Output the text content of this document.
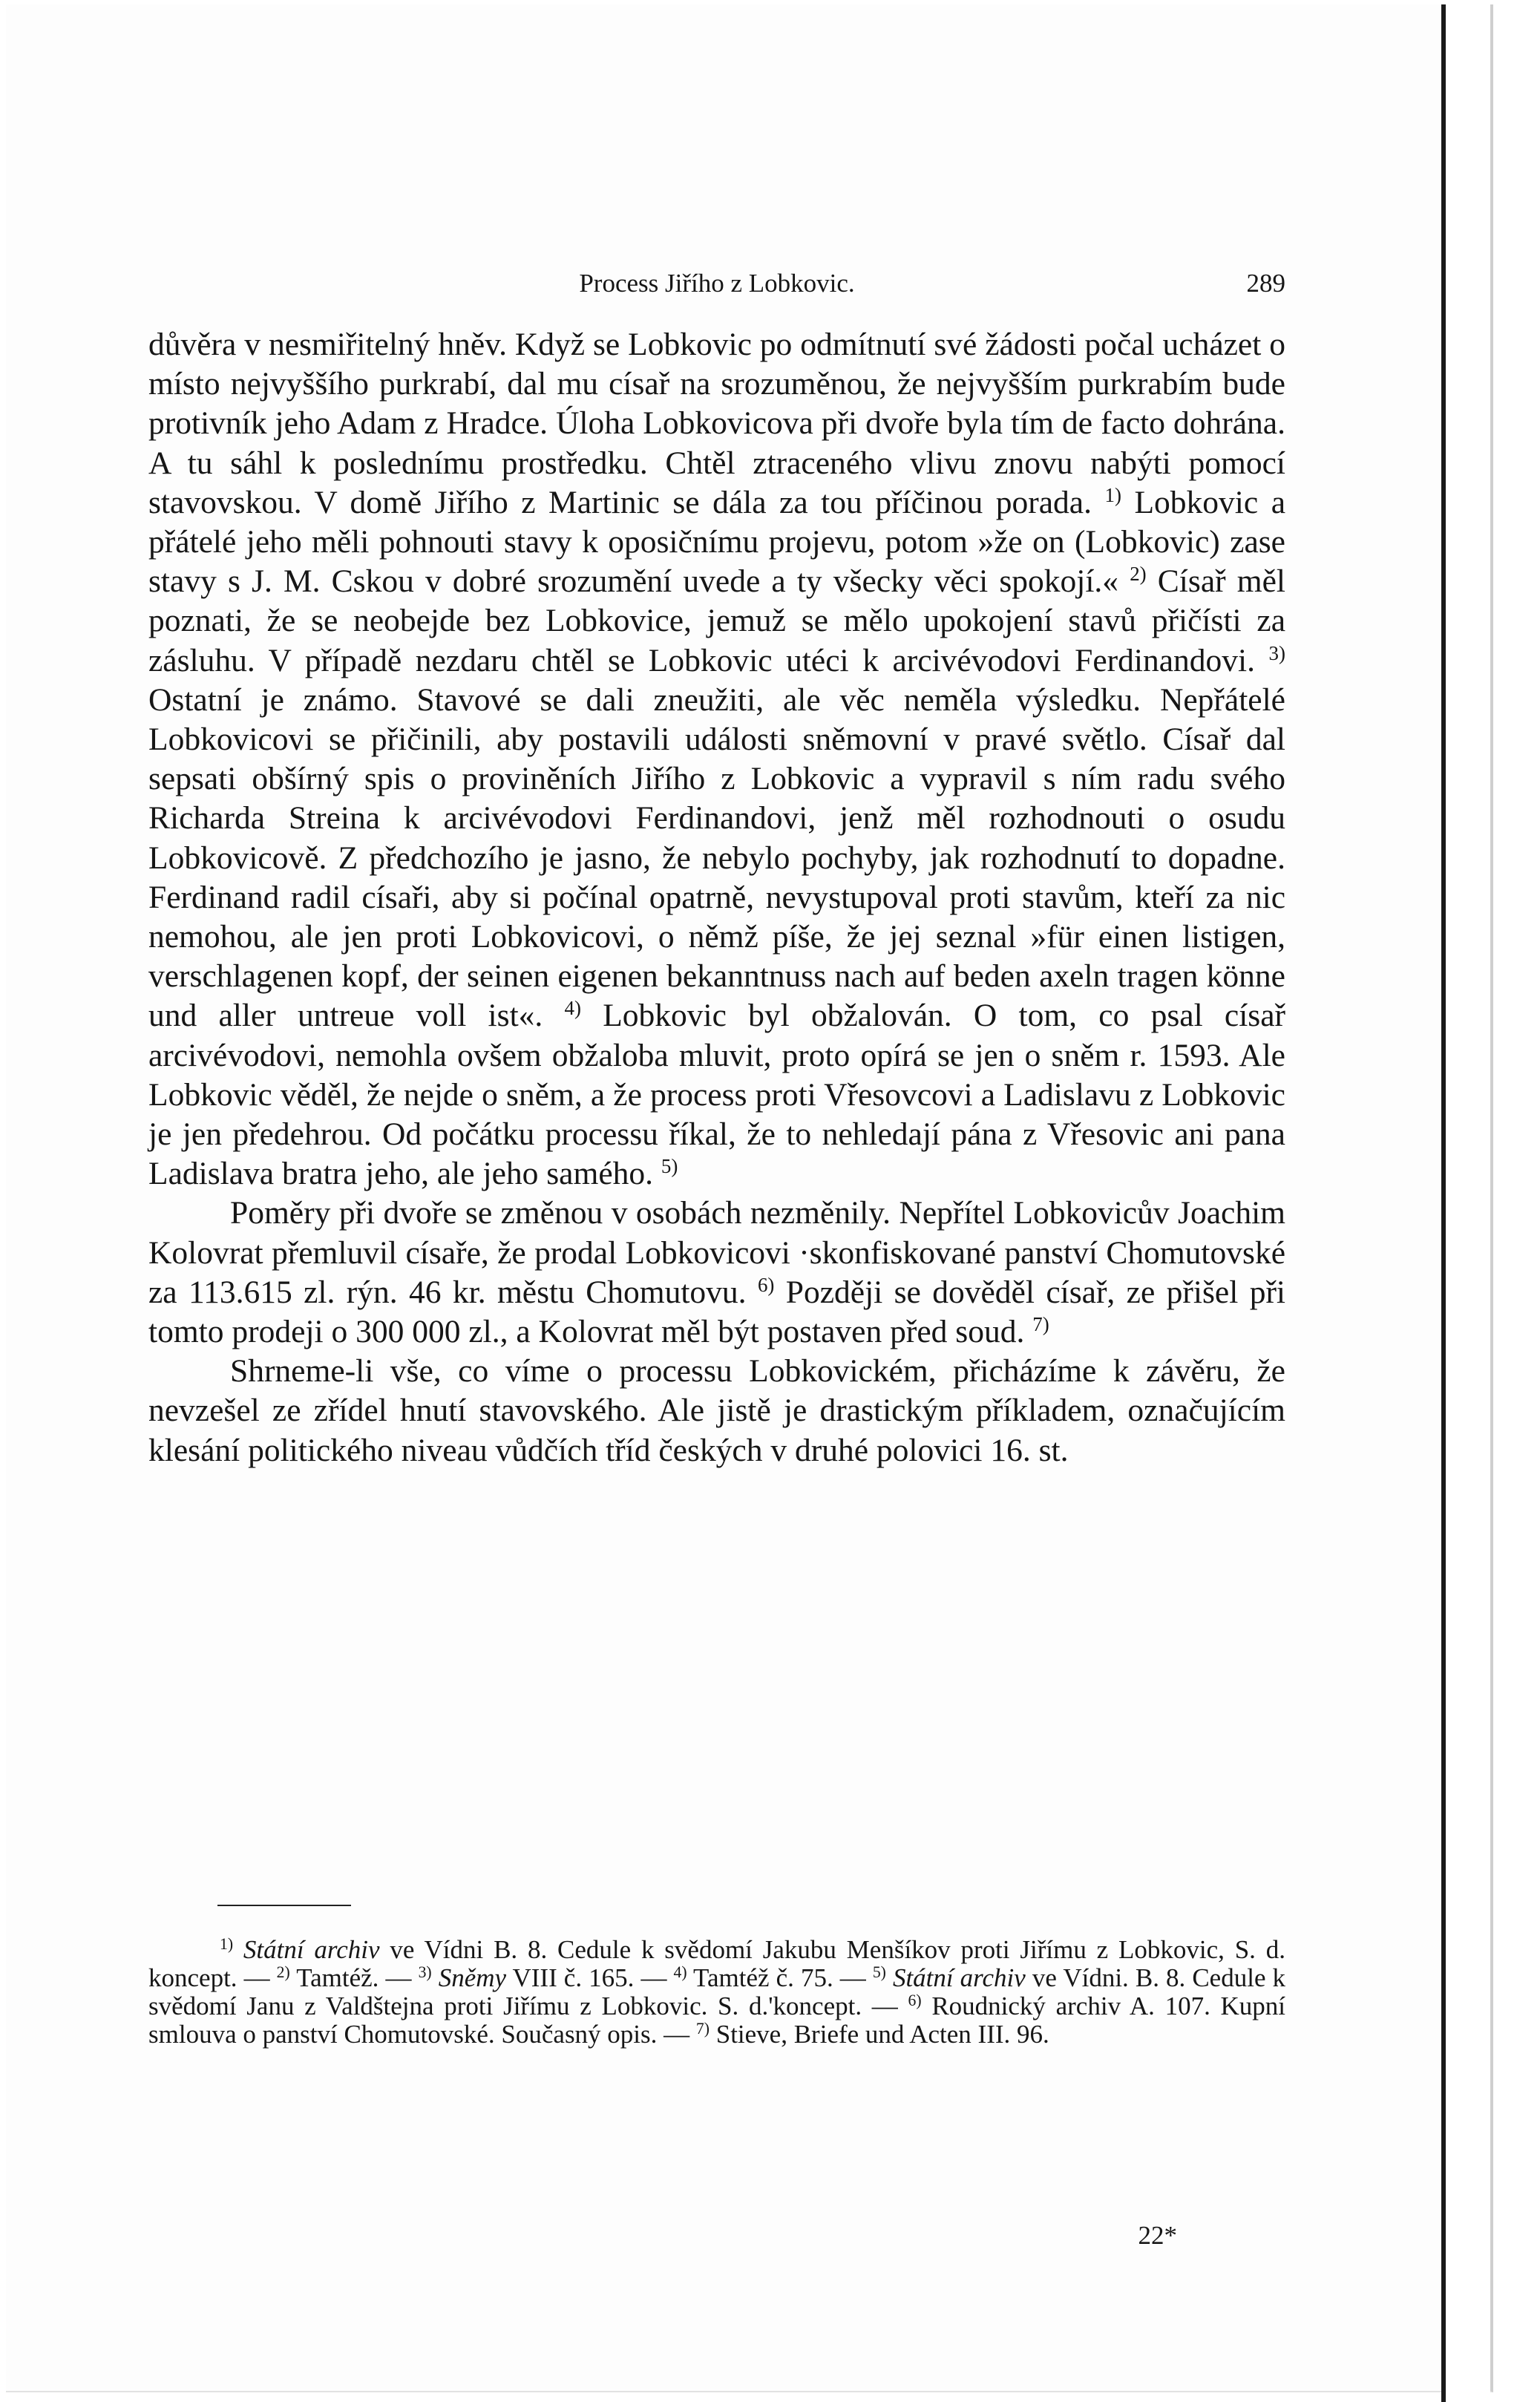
Process Jiřího z Lobkovic.	289

důvěra v nesmiřitelný hněv. Když se Lobkovic po odmítnutí své žádosti počal ucházet o místo nejvyššího purkrabí, dal mu císař na srozuměnou, že nejvyšším purkrabím bude protivník jeho Adam z Hradce. Úloha Lobkovicova při dvoře byla tím de facto dohrána. A tu sáhl k poslednímu prostředku. Chtěl ztraceného vlivu znovu nabýti pomocí stavovskou. V domě Jiřího z Martinic se dála za tou příčinou porada. $^{1)}$ Lobkovic a přátelé jeho měli pohnouti stavy k oposičnímu projevu, potom »že on (Lobkovic) zase stavy s J. M. Cskou v dobré srozumění uvede a ty všecky věci spokojí.« $^{2)}$ Císař měl poznati, že se neobejde bez Lobkovice, jemuž se mělo upokojení stavů přičísti za zásluhu. V případě nezdaru chtěl se Lobkovic utéci k arcivévodovi Ferdinandovi. $^{3)}$ Ostatní je známo. Stavové se dali zneužiti, ale věc neměla výsledku. Nepřátelé Lobkovicovi se přičinili, aby postavili události sněmovní v pravé světlo. Císař dal sepsati obšírný spis o proviněních Jiřího z Lobkovic a vypravil s ním radu svého Richarda Streina k arcivévodovi Ferdinandovi, jenž měl rozhodnouti o osudu Lobkovicově. Z předchozího je jasno, že nebylo pochyby, jak rozhodnutí to dopadne. Ferdinand radil císaři, aby si počínal opatrně, nevystupoval proti stavům, kteří za nic nemohou, ale jen proti Lobkovicovi, o němž píše, že jej seznal »für einen listigen, verschlagenen kopf, der seinen eigenen bekanntnuss nach auf beden axeln tragen könne und aller untreue voll ist«. $^{4)}$ Lobkovic byl obžalován. O tom, co psal císař arcivévodovi, nemohla ovšem obžaloba mluvit, proto opírá se jen o sněm r. 1593. Ale Lobkovic věděl, že nejde o sněm, a že process proti Vřesovcovi a Ladislavu z Lobkovic je jen předehrou. Od počátku processu říkal, že to nehledají pána z Vřesovic ani pana Ladislava bratra jeho, ale jeho samého. $^{5)}$

Poměry při dvoře se změnou v osobách nezměnily. Nepřítel Lobkovicův Joachim Kolovrat přemluvil císaře, že prodal Lobkovicovi ·skonfiskované panství Chomutovské za 113.615 zl. rýn. 46 kr. městu Chomutovu. $^{6)}$ Později se dověděl císař, ze přišel při tomto prodeji o 300 000 zl., a Kolovrat měl být postaven před soud. $^{7)}$

Shrneme-li vše, co víme o processu Lobkovickém, přicházíme k závěru, že nevzešel ze zřídel hnutí stavovského. Ale jistě je drastickým příkladem, označujícím klesání politického niveau vůdčích tříd českých v druhé polovici 16. st.

$^{1)}$ Státní archiv ve Vídni B. 8. Cedule k svědomí Jakubu Menšíkov proti Jiřímu z Lobkovic, S. d. koncept. — $^{2)}$ Tamtéž. — $^{3)}$ Sněmy VIII č. 165. — $^{4)}$ Tamtéž č. 75. — $^{5)}$ Státní archiv ve Vídni. B. 8. Cedule k svědomí Janu z Valdštejna proti Jiřímu z Lobkovic. S. d.'koncept. — $^{6)}$ Roudnický archiv A. 107. Kupní smlouva o panství Chomutovské. Současný opis. — $^{7)}$ Stieve, Briefe und Acten III. 96.
22*
